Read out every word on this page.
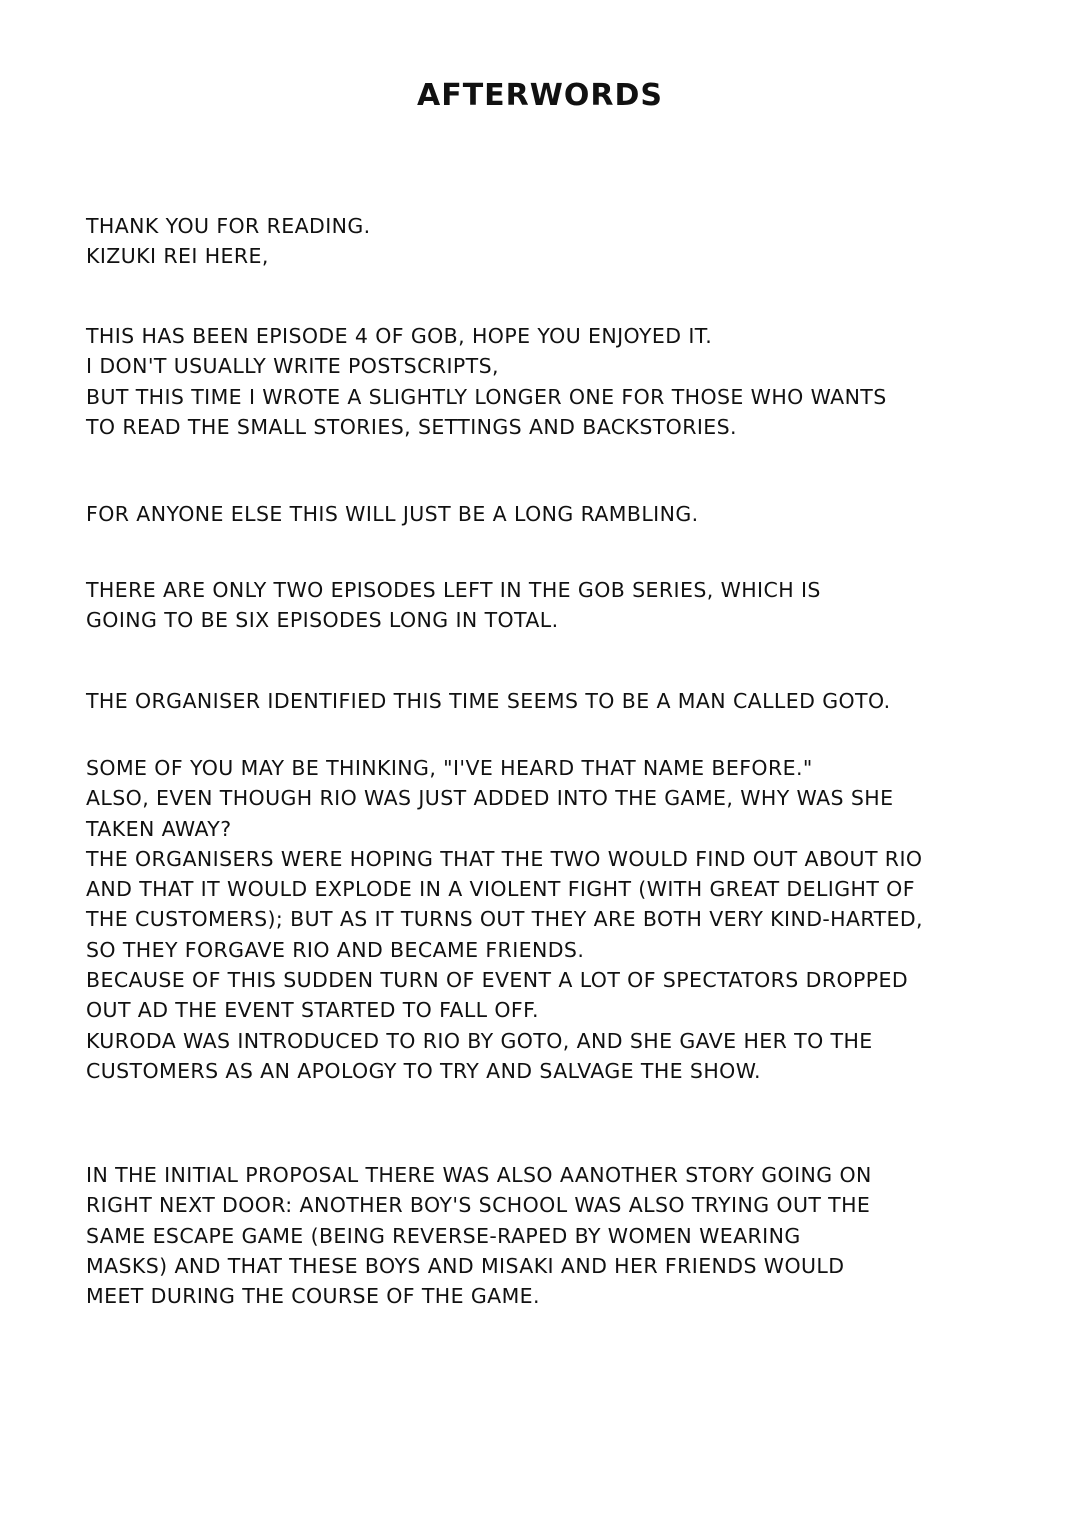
AFTERWORDS

THANK YOU FOR READING.
KIZUKI REI HERE,

THIS HAS BEEN EPISODE 4 OF GOB, HOPE YOU ENJOYED IT.
I DON'T USUALLY WRITE POSTSCRIPTS,
BUT THIS TIME I WROTE A SLIGHTLY LONGER ONE FOR THOSE WHO WANTS
TO READ THE SMALL STORIES, SETTINGS AND BACKSTORIES.

FOR ANYONE ELSE THIS WILL JUST BE A LONG RAMBLING.

THERE ARE ONLY TWO EPISODES LEFT IN THE GOB SERIES, WHICH IS
GOING TO BE SIX EPISODES LONG IN TOTAL.

THE ORGANISER IDENTIFIED THIS TIME SEEMS TO BE A MAN CALLED GOTO.

SOME OF YOU MAY BE THINKING, "I'VE HEARD THAT NAME BEFORE."
ALSO, EVEN THOUGH RIO WAS JUST ADDED INTO THE GAME, WHY WAS SHE
TAKEN AWAY?
THE ORGANISERS WERE HOPING THAT THE TWO WOULD FIND OUT ABOUT RIO
AND THAT IT WOULD EXPLODE IN A VIOLENT FIGHT (WITH GREAT DELIGHT OF
THE CUSTOMERS); BUT AS IT TURNS OUT THEY ARE BOTH VERY KIND-HARTED,
SO THEY FORGAVE RIO AND BECAME FRIENDS.
BECAUSE OF THIS SUDDEN TURN OF EVENT A LOT OF SPECTATORS DROPPED
OUT AD THE EVENT STARTED TO FALL OFF.
KURODA WAS INTRODUCED TO RIO BY GOTO, AND SHE GAVE HER TO THE
CUSTOMERS AS AN APOLOGY TO TRY AND SALVAGE THE SHOW.

IN THE INITIAL PROPOSAL THERE WAS ALSO AANOTHER STORY GOING ON
RIGHT NEXT DOOR: ANOTHER BOY'S SCHOOL WAS ALSO TRYING OUT THE
SAME ESCAPE GAME (BEING REVERSE-RAPED BY WOMEN WEARING
MASKS) AND THAT THESE BOYS AND MISAKI AND HER FRIENDS WOULD
MEET DURING THE COURSE OF THE GAME.
